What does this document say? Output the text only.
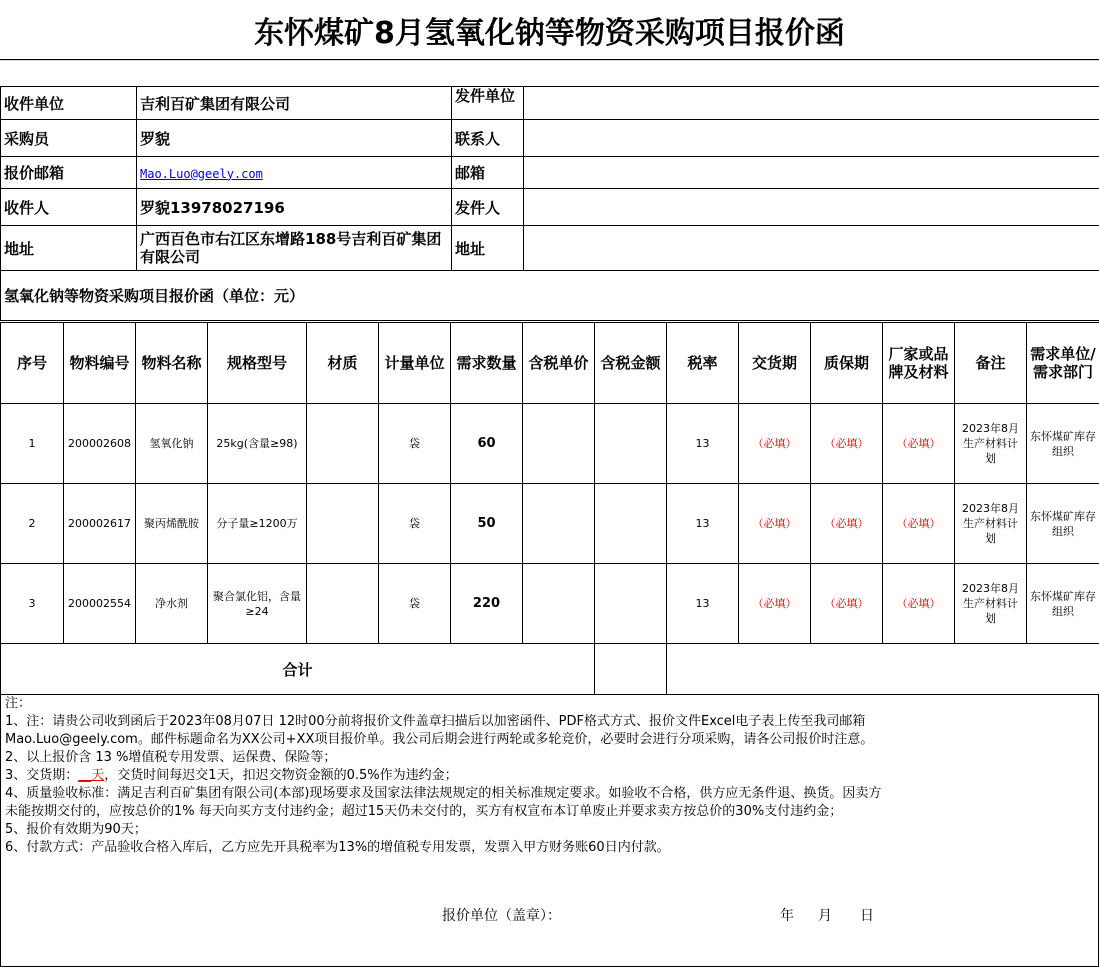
东怀煤矿8月氢氧化钠等物资采购项目报价函
收件单位	吉利百矿集团有限公司	发件单位	
采购员	罗貌	联系人	
报价邮箱	Mao.Luo@geely.com	邮箱	
收件人	罗貌13978027196	发件人	
地址	广西百色市右江区东增路188号吉利百矿集团有限公司	地址	
氢氧化钠等物资采购项目报价函（单位：元）			
序号	物料编号	物料名称	规格型号	材质	计量单位	需求数量	含税单价	含税金额	税率	交货期	质保期	厂家或品牌及材料	备注	需求单位/需求部门
1	200002608	氢氧化钠	25kg(含量≥98)		袋	60			13	（必填）	（必填）	（必填）	2023年8月生产材料计划	东怀煤矿库存组织
2	200002617	聚丙烯酰胺	分子量≥1200万		袋	50			13	（必填）	（必填）	（必填）	2023年8月生产材料计划	东怀煤矿库存组织
3	200002554	净水剂	聚合氯化铝，含量≥24		袋	220			13	（必填）	（必填）	（必填）	2023年8月生产材料计划	东怀煤矿库存组织
合计														
注：
1、注：请贵公司收到函后于2023年08月07日 12时00分前将报价文件盖章扫描后以加密函件、PDF格式方式、报价文件Excel电子表上传至我司邮箱
Mao.Luo@geely.com。邮件标题命名为XX公司+XX项目报价单。我公司后期会进行两轮或多轮竞价，必要时会进行分项采购，请各公司报价时注意。
2、以上报价含 13 %增值税专用发票、运保费、保险等；
3、交货期：__天，交货时间每迟交1天，扣迟交物资金额的0.5%作为违约金；
4、质量验收标准：满足吉利百矿集团有限公司(本部)现场要求及国家法律法规规定的相关标准规定要求。如验收不合格，供方应无条件退、换货。因卖方
未能按期交付的，应按总价的1% 每天向买方支付违约金；超过15天仍未交付的，买方有权宣布本订单废止并要求卖方按总价的30%支付违约金；
5、报价有效期为90天；
6、付款方式：产品验收合格入库后，乙方应先开具税率为13%的增值税专用发票，发票入甲方财务账60日内付款。
报价单位（盖章）：	年 月 日
